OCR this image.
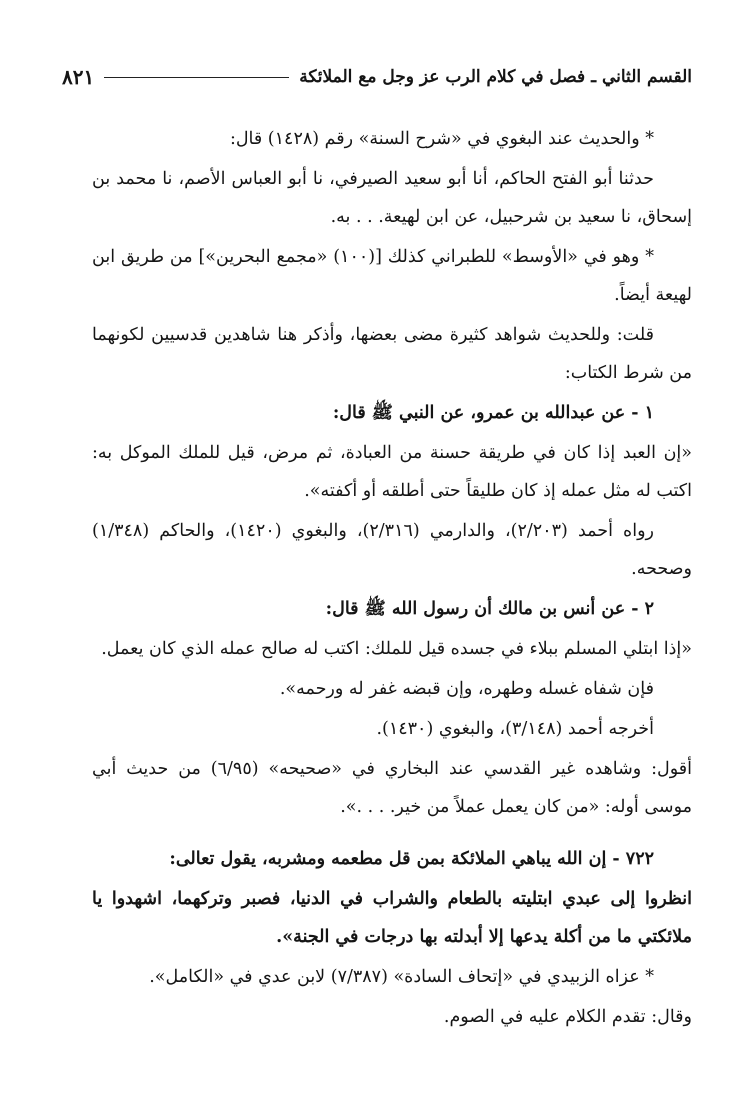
القسم الثاني ـ فصل في كلام الرب عز وجل مع الملائكة
٨٢١

* والحديث عند البغوي في «شرح السنة» رقم (١٤٢٨) قال:

حدثنا أبو الفتح الحاكم، أنا أبو سعيد الصيرفي، نا أبو العباس الأصم، نا محمد بن إسحاق، نا سعيد بن شرحبيل، عن ابن لهيعة. . . به.

* وهو في «الأوسط» للطبراني كذلك [(١٠٠) «مجمع البحرين»] من طريق ابن لهيعة أيضاً.

قلت: وللحديث شواهد كثيرة مضى بعضها، وأذكر هنا شاهدين قدسيين لكونهما من شرط الكتاب:

١ - عن عبدالله بن عمرو، عن النبي ﷺ قال:

«إن العبد إذا كان في طريقة حسنة من العبادة، ثم مرض، قيل للملك الموكل به: اكتب له مثل عمله إذ كان طليقاً حتى أطلقه أو أكفته».

رواه أحمد (٢/٢٠٣)، والدارمي (٢/٣١٦)، والبغوي (١٤٢٠)، والحاكم (١/٣٤٨) وصححه.

٢ - عن أنس بن مالك أن رسول الله ﷺ قال:

«إذا ابتلي المسلم ببلاء في جسده قيل للملك: اكتب له صالح عمله الذي كان يعمل.

فإن شفاه غسله وطهره، وإن قبضه غفر له ورحمه».

أخرجه أحمد (٣/١٤٨)، والبغوي (١٤٣٠).

أقول: وشاهده غير القدسي عند البخاري في «صحيحه» (٦/٩٥) من حديث أبي موسى أوله: «من كان يعمل عملاً من خير. . . .».

٧٢٢ - إن الله يباهي الملائكة بمن قل مطعمه ومشربه، يقول تعالى:

انظروا إلى عبدي ابتليته بالطعام والشراب في الدنيا، فصبر وتركهما، اشهدوا يا ملائكتي ما من أكلة يدعها إلا أبدلته بها درجات في الجنة».

* عزاه الزبيدي في «إتحاف السادة» (٧/٣٨٧) لابن عدي في «الكامل».

وقال: تقدم الكلام عليه في الصوم.
